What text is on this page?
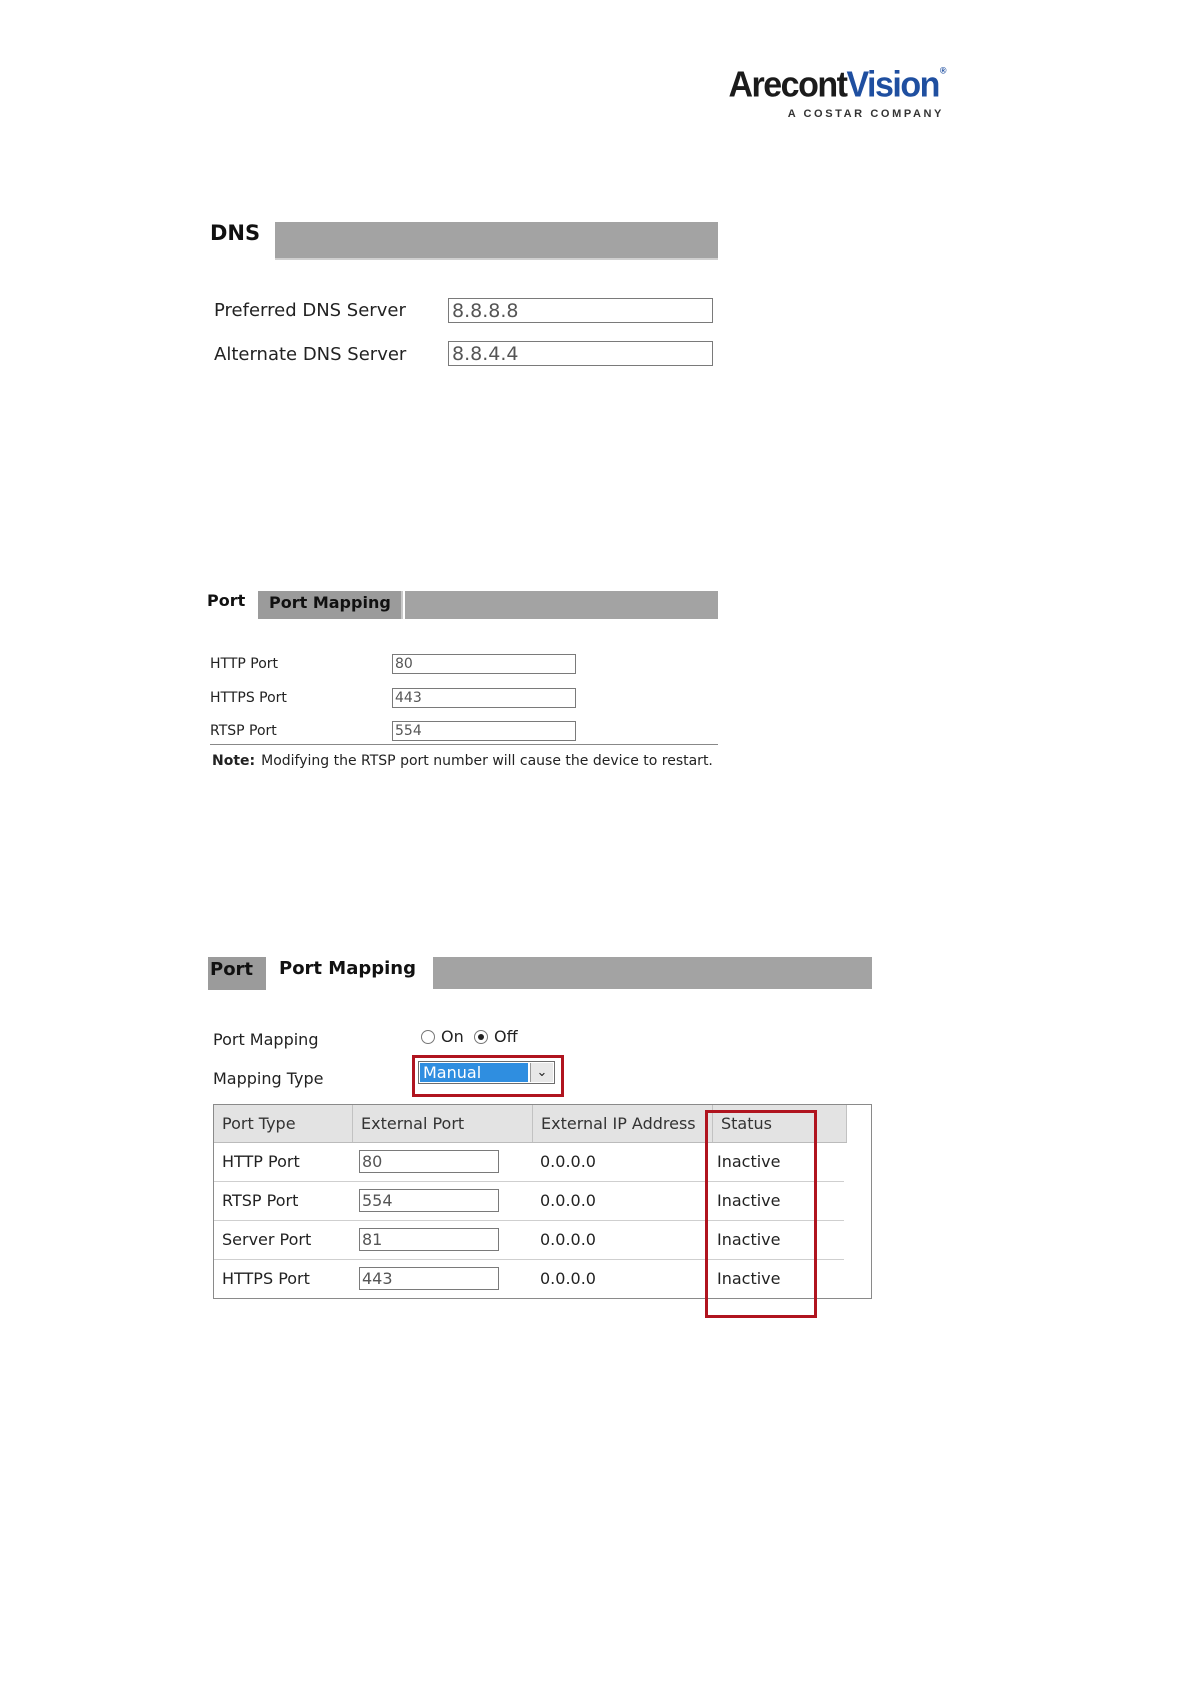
ArecontVision®
A COSTAR COMPANY
DNS
Preferred DNS Server 8.8.8.8
Alternate DNS Server 8.8.4.4
Port	Port Mapping
HTTP Port	80
HTTPS Port	443
RTSP Port	554
Note: Modifying the RTSP port number will cause the device to restart.
Port	Port Mapping
Port Mapping	On Off
Mapping Type	Manual	⌄
Port Type	External Port	External IP Address	Status
HTTP Port	80	0.0.0.0	Inactive
RTSP Port	554	0.0.0.0	Inactive
Server Port	81	0.0.0.0	Inactive
HTTPS Port	443	0.0.0.0	Inactive
